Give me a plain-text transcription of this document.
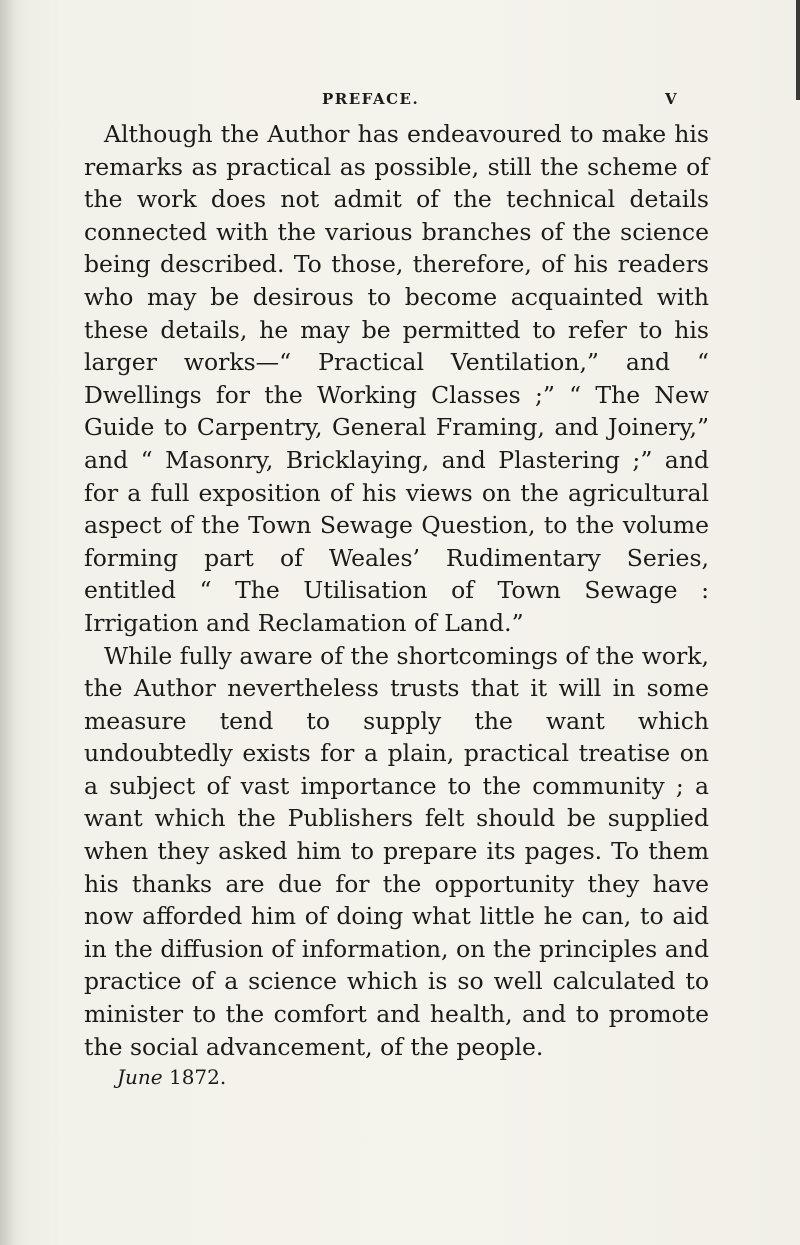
PREFACE.	V

Although the Author has endeavoured to make his remarks as practical as possible, still the scheme of the work does not admit of the technical details connected with the various branches of the science being described. To those, therefore, of his readers who may be desirous to become acquainted with these details, he may be permitted to refer to his larger works—“ Practical Ventilation,” and “ Dwellings for the Working Classes ;” “ The New Guide to Carpentry, General Framing, and Joinery,” and “ Masonry, Bricklaying, and Plastering ;” and for a full exposition of his views on the agricultural aspect of the Town Sewage Question, to the volume forming part of Weales’ Rudimentary Series, entitled “ The Utilisation of Town Sewage : Irrigation and Reclamation of Land.”

While fully aware of the shortcomings of the work, the Author nevertheless trusts that it will in some measure tend to supply the want which undoubtedly exists for a plain, practical treatise on a subject of vast importance to the community ; a want which the Publishers felt should be supplied when they asked him to prepare its pages. To them his thanks are due for the opportunity they have now afforded him of doing what little he can, to aid in the diffusion of information, on the principles and practice of a science which is so well calculated to minister to the comfort and health, and to promote the social advancement, of the people.

June 1872.
